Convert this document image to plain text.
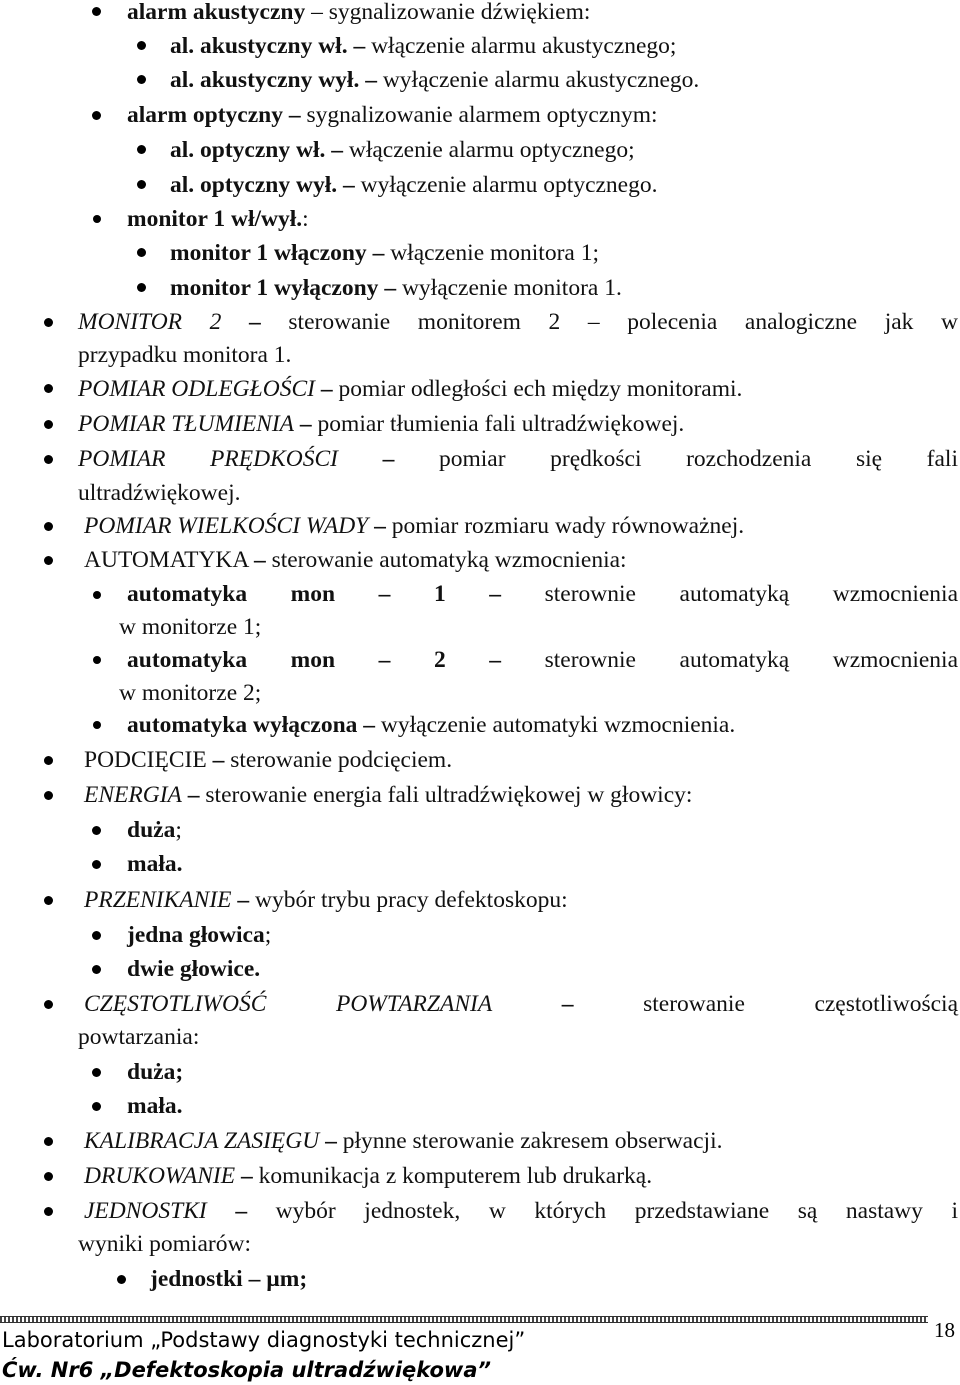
alarm akustyczny – sygnalizowanie dźwiękiem:
al. akustyczny wł. – włączenie alarmu akustycznego;
al. akustyczny wył. – wyłączenie alarmu akustycznego.
alarm optyczny – sygnalizowanie alarmem optycznym:
al. optyczny wł. – włączenie alarmu optycznego;
al. optyczny wył. – wyłączenie alarmu optycznego.
monitor 1 wł/wył.:
monitor 1 włączony – włączenie monitora 1;
monitor 1 wyłączony – wyłączenie monitora 1.
MONITOR 2 – sterowanie monitorem 2 – polecenia analogiczne jak w
przypadku monitora 1.
POMIAR ODLEGŁOŚCI – pomiar odległości ech między monitorami.
POMIAR TŁUMIENIA – pomiar tłumienia fali ultradźwiękowej.
POMIAR PRĘDKOŚCI – pomiar prędkości rozchodzenia się fali
ultradźwiękowej.
POMIAR WIELKOŚCI WADY – pomiar rozmiaru wady równoważnej.
AUTOMATYKA – sterowanie automatyką wzmocnienia:
automatyka mon – 1 – sterownie automatyką wzmocnienia
w monitorze 1;
automatyka mon – 2 – sterownie automatyką wzmocnienia
w monitorze 2;
automatyka wyłączona – wyłączenie automatyki wzmocnienia.
PODCIĘCIE – sterowanie podcięciem.
ENERGIA – sterowanie energia fali ultradźwiękowej w głowicy:
duża;
mała.
PRZENIKANIE – wybór trybu pracy defektoskopu:
jedna głowica;
dwie głowice.
CZĘSTOTLIWOŚĆ POWTARZANIA	–	sterowanie częstotliwością
powtarzania:
duża;
mała.
KALIBRACJA ZASIĘGU – płynne sterowanie zakresem obserwacji.
DRUKOWANIE – komunikacja z komputerem lub drukarką.
JEDNOSTKI – wybór jednostek, w których przedstawiane są nastawy i
wyniki pomiarów:
jednostki – µm;
Laboratorium „Podstawy diagnostyki technicznej”
Ćw. Nr6 „Defektoskopia ultradźwiękowa”
18
